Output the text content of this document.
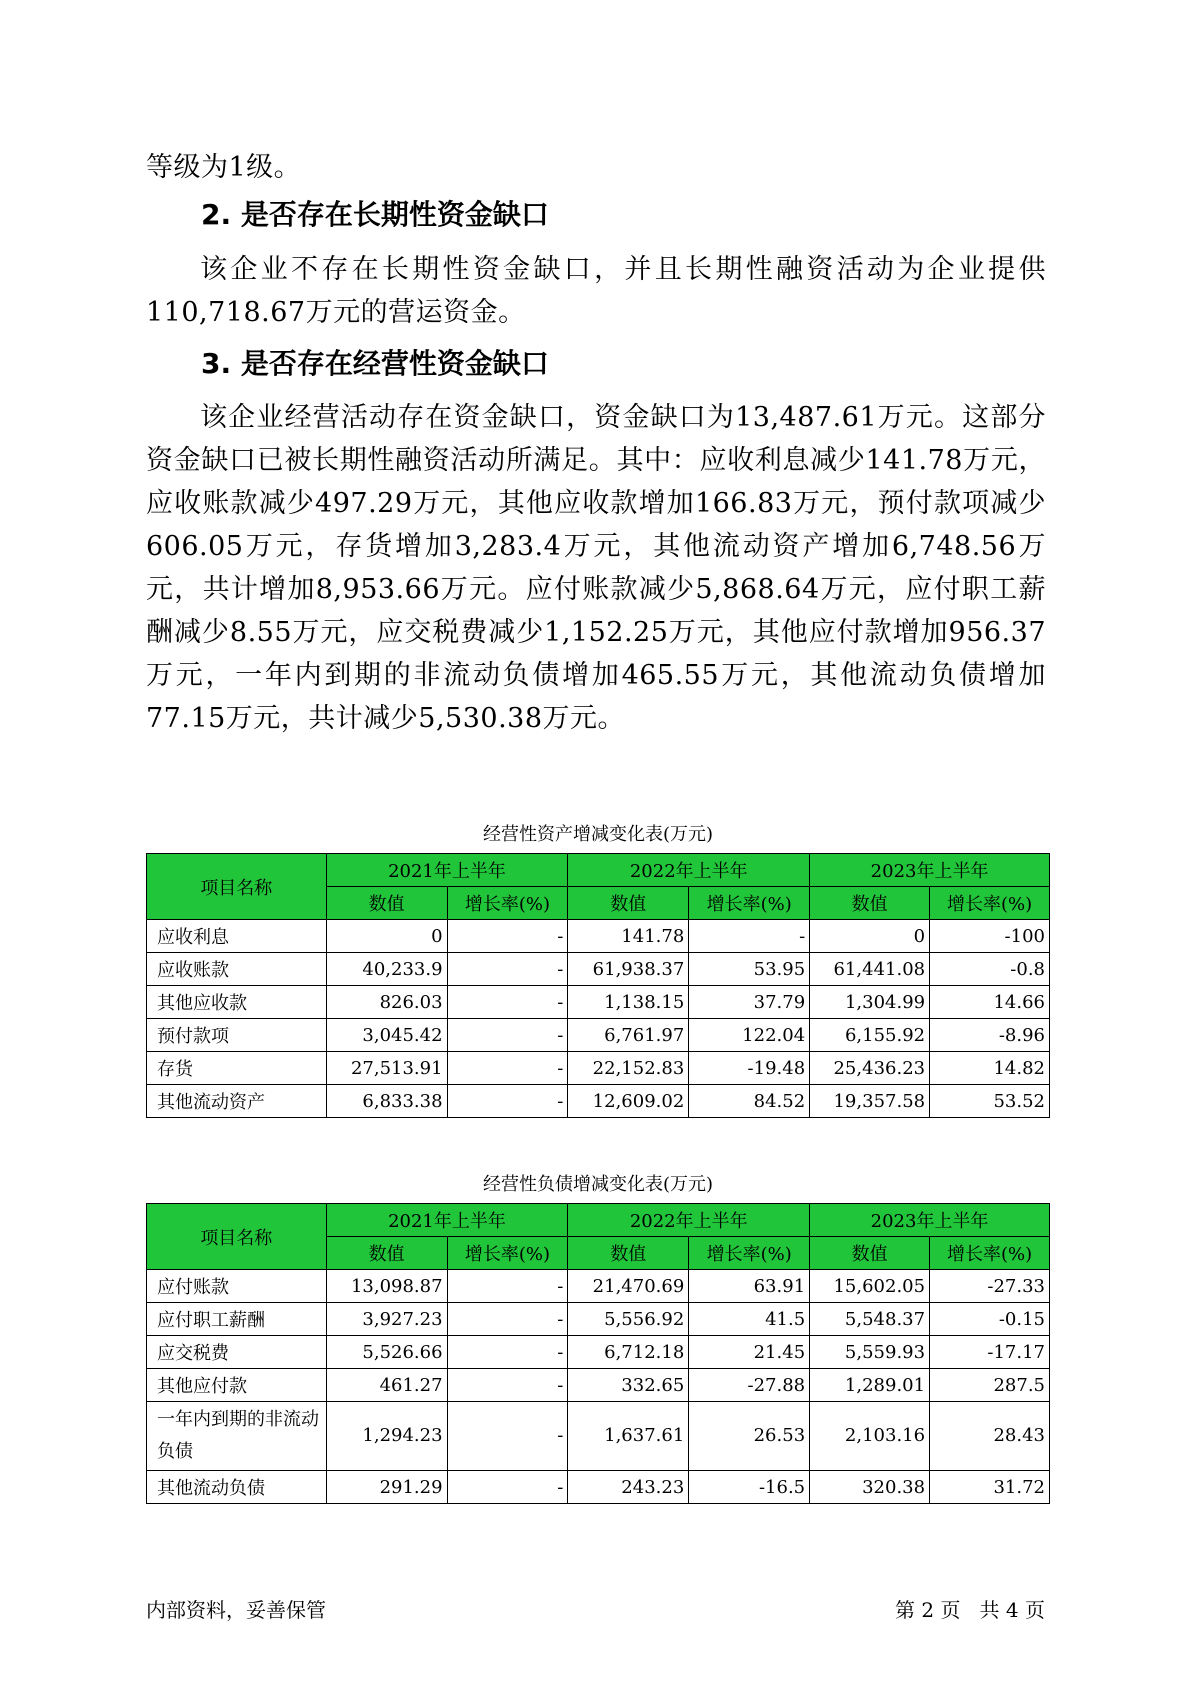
等级为1级。

2. 是否存在长期性资金缺口

该企业不存在长期性资金缺口，并且长期性融资活动为企业提供110,718.67万元的营运资金。

3. 是否存在经营性资金缺口

该企业经营活动存在资金缺口，资金缺口为13,487.61万元。这部分资金缺口已被长期性融资活动所满足。其中：应收利息减少141.78万元，应收账款减少497.29万元，其他应收款增加166.83万元，预付款项减少606.05万元，存货增加3,283.4万元，其他流动资产增加6,748.56万元，共计增加8,953.66万元。应付账款减少5,868.64万元，应付职工薪酬减少8.55万元，应交税费减少1,152.25万元，其他应付款增加956.37万元，一年内到期的非流动负债增加465.55万元，其他流动负债增加77.15万元，共计减少5,530.38万元。

经营性资产增减变化表(万元)
项目名称	2021年上半年		2022年上半年		2023年上半年	
	数值	增长率(%)	数值	增长率(%)	数值	增长率(%)
应收利息	0	-	141.78	-	0	-100
应收账款	40,233.9	-	61,938.37	53.95	61,441.08	-0.8
其他应收款	826.03	-	1,138.15	37.79	1,304.99	14.66
预付款项	3,045.42	-	6,761.97	122.04	6,155.92	-8.96
存货	27,513.91	-	22,152.83	-19.48	25,436.23	14.82
其他流动资产	6,833.38	-	12,609.02	84.52	19,357.58	53.52
经营性负债增减变化表(万元)
项目名称	2021年上半年		2022年上半年		2023年上半年	
	数值	增长率(%)	数值	增长率(%)	数值	增长率(%)
应付账款	13,098.87	-	21,470.69	63.91	15,602.05	-27.33
应付职工薪酬	3,927.23	-	5,556.92	41.5	5,548.37	-0.15
应交税费	5,526.66	-	6,712.18	21.45	5,559.93	-17.17
其他应付款	461.27	-	332.65	-27.88	1,289.01	287.5
一年内到期的非流动负债	1,294.23	-	1,637.61	26.53	2,103.16	28.43
其他流动负债	291.29	-	243.23	-16.5	320.38	31.72
内部资料，妥善保管	第 2 页   共 4 页
